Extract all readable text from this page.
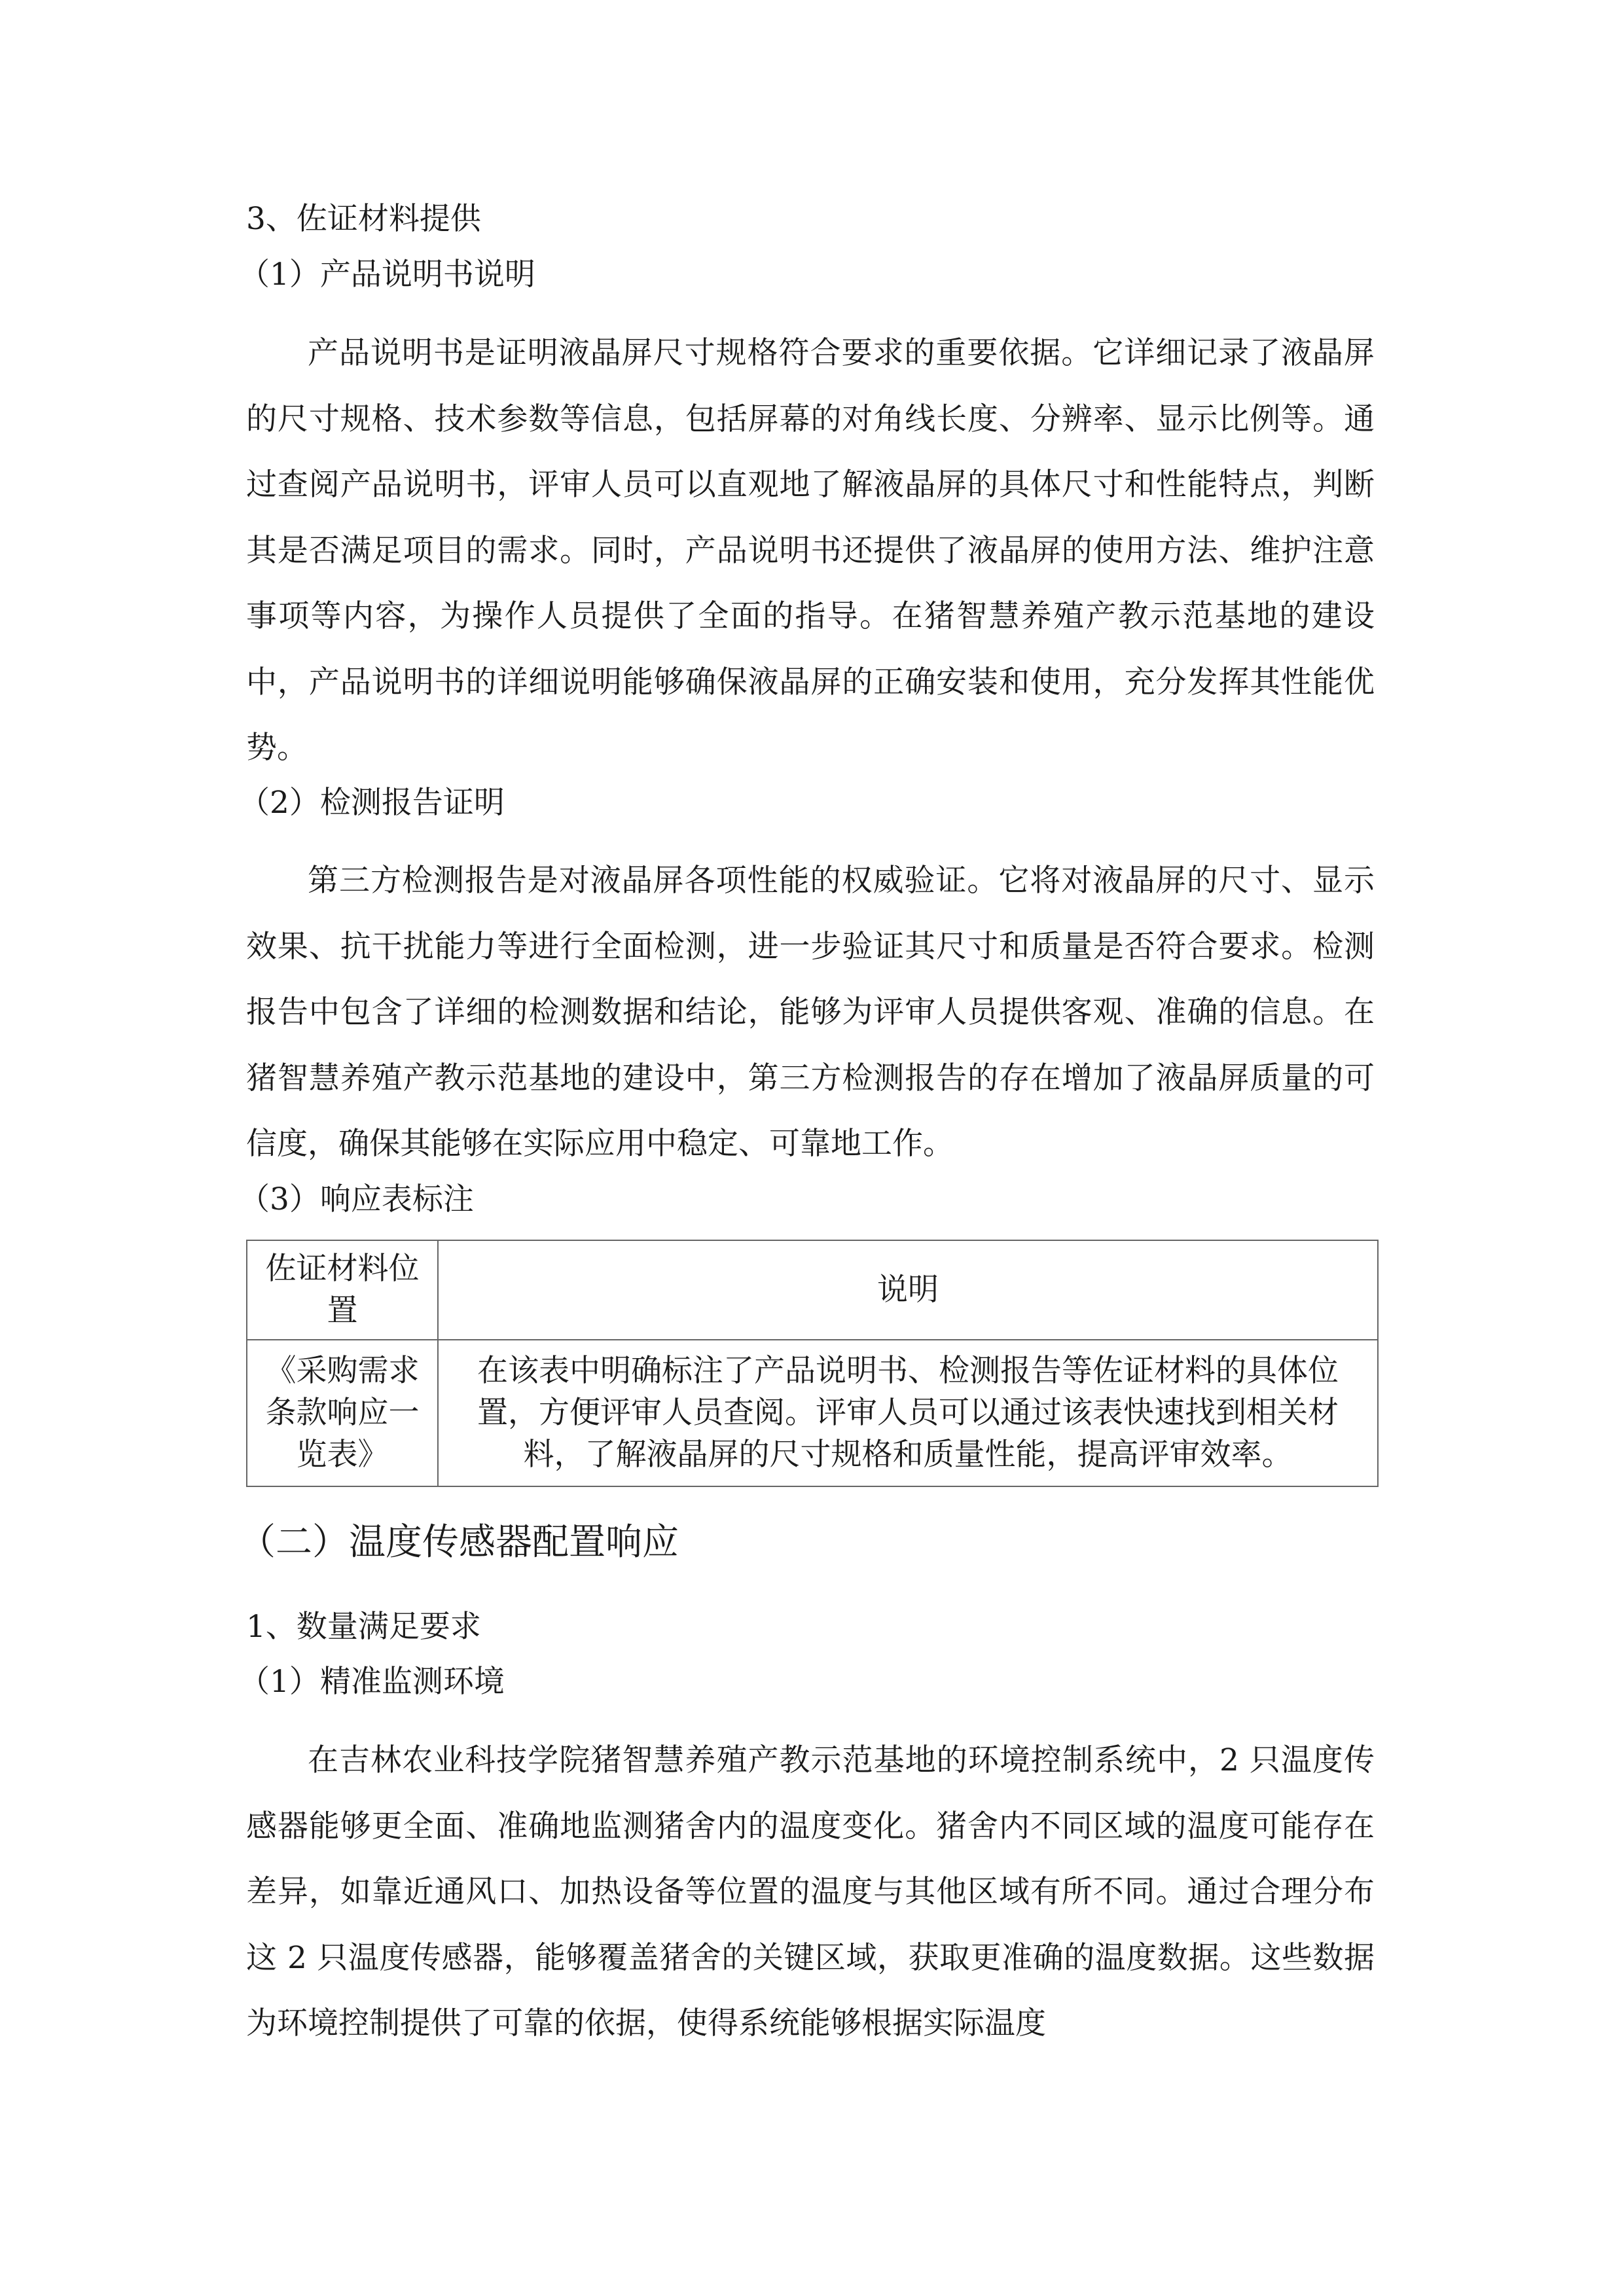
3、佐证材料提供
（1）产品说明书说明

产品说明书是证明液晶屏尺寸规格符合要求的重要依据。它详细记录了液晶屏的尺寸规格、技术参数等信息，包括屏幕的对角线长度、分辨率、显示比例等。通过查阅产品说明书，评审人员可以直观地了解液晶屏的具体尺寸和性能特点，判断其是否满足项目的需求。同时，产品说明书还提供了液晶屏的使用方法、维护注意事项等内容，为操作人员提供了全面的指导。在猪智慧养殖产教示范基地的建设中，产品说明书的详细说明能够确保液晶屏的正确安装和使用，充分发挥其性能优势。

（2）检测报告证明

第三方检测报告是对液晶屏各项性能的权威验证。它将对液晶屏的尺寸、显示效果、抗干扰能力等进行全面检测，进一步验证其尺寸和质量是否符合要求。检测报告中包含了详细的检测数据和结论，能够为评审人员提供客观、准确的信息。在猪智慧养殖产教示范基地的建设中，第三方检测报告的存在增加了液晶屏质量的可信度，确保其能够在实际应用中稳定、可靠地工作。

（3）响应表标注
佐证材料位置	说明

《采购需求条款响应一览表》	在该表中明确标注了产品说明书、检测报告等佐证材料的具体位置，方便评审人员查阅。评审人员可以通过该表快速找到相关材料，了解液晶屏的尺寸规格和质量性能，提高评审效率。
（二）温度传感器配置响应
1、数量满足要求
（1）精准监测环境

在吉林农业科技学院猪智慧养殖产教示范基地的环境控制系统中，2 只温度传感器能够更全面、准确地监测猪舍内的温度变化。猪舍内不同区域的温度可能存在差异，如靠近通风口、加热设备等位置的温度与其他区域有所不同。通过合理分布这 2 只温度传感器，能够覆盖猪舍的关键区域，获取更准确的温度数据。这些数据为环境控制提供了可靠的依据，使得系统能够根据实际温度
